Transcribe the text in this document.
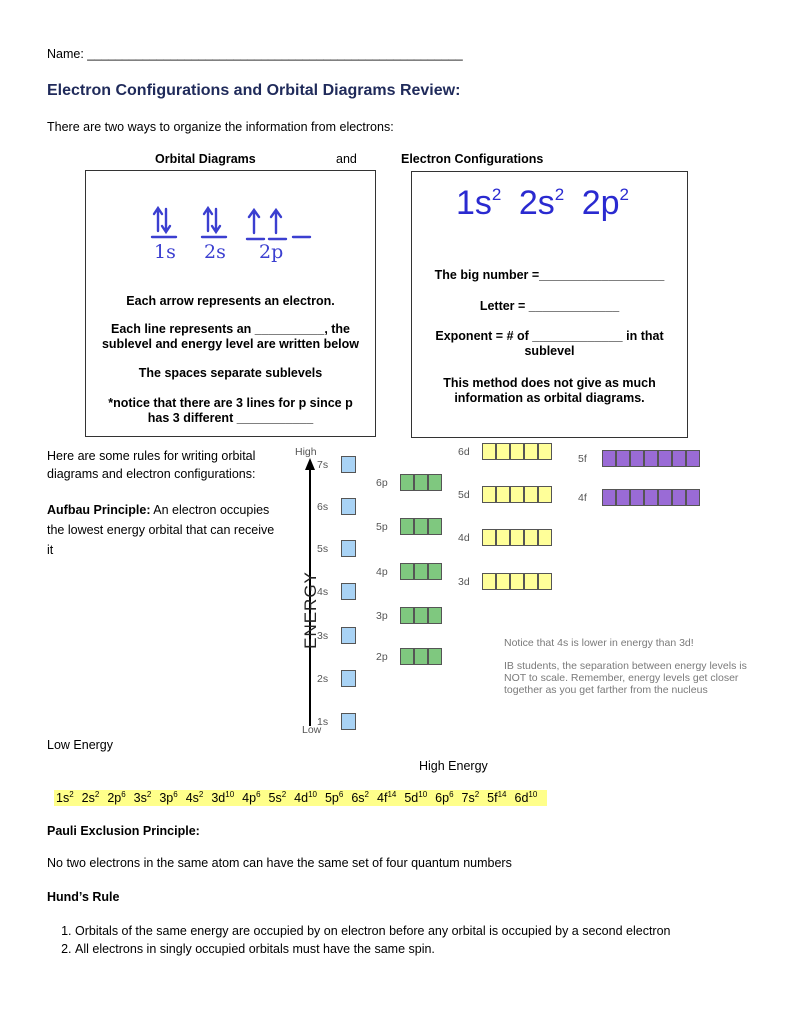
Name: ______________________________________________________
Electron Configurations and Orbital Diagrams Review:
There are two ways to organize the information from electrons:
Orbital Diagrams	and	Electron Configurations
1s 2s 2p
Each arrow represents an electron.
Each line represents an __________, the sublevel and energy level are written below
The spaces separate sublevels
*notice that there are 3 lines for p since p has 3 different ___________
$1s^2$ $2s^2$ $2p^2$
The big number =__________________
Letter = _____________
Exponent = # of _____________ in that sublevel
This method does not give as much information as orbital diagrams.
Here are some rules for writing orbital diagrams and electron configurations:
Aufbau Principle: An electron occupies the lowest energy orbital that can receive it
High
Low
ENERGY
7s
6s
5s
4s
3s
2s
1s
6p
5p
4p
3p
2p
6d
5d
4d
3d
5f
4f
Notice that 4s is lower in energy than 3d!
IB students, the separation between energy levels is NOT to scale. Remember, energy levels get closer together as you get farther from the nucleus
Low Energy
High Energy
$1s^2$ $2s^2$ $2p^6$ $3s^2$ $3p^6$ $4s^2$ $3d^{10}$ $4p^6$ $5s^2$ $4d^{10}$ $5p^6$ $6s^2$ $4f^{14}$ $5d^{10}$ $6p^6$ $7s^2$ $5f^{14}$ $6d^{10}$
Pauli Exclusion Principle:
No two electrons in the same atom can have the same set of four quantum numbers
Hund’s Rule
1. Orbitals of the same energy are occupied by on electron before any orbital is occupied by a second electron
2. All electrons in singly occupied orbitals must have the same spin.
